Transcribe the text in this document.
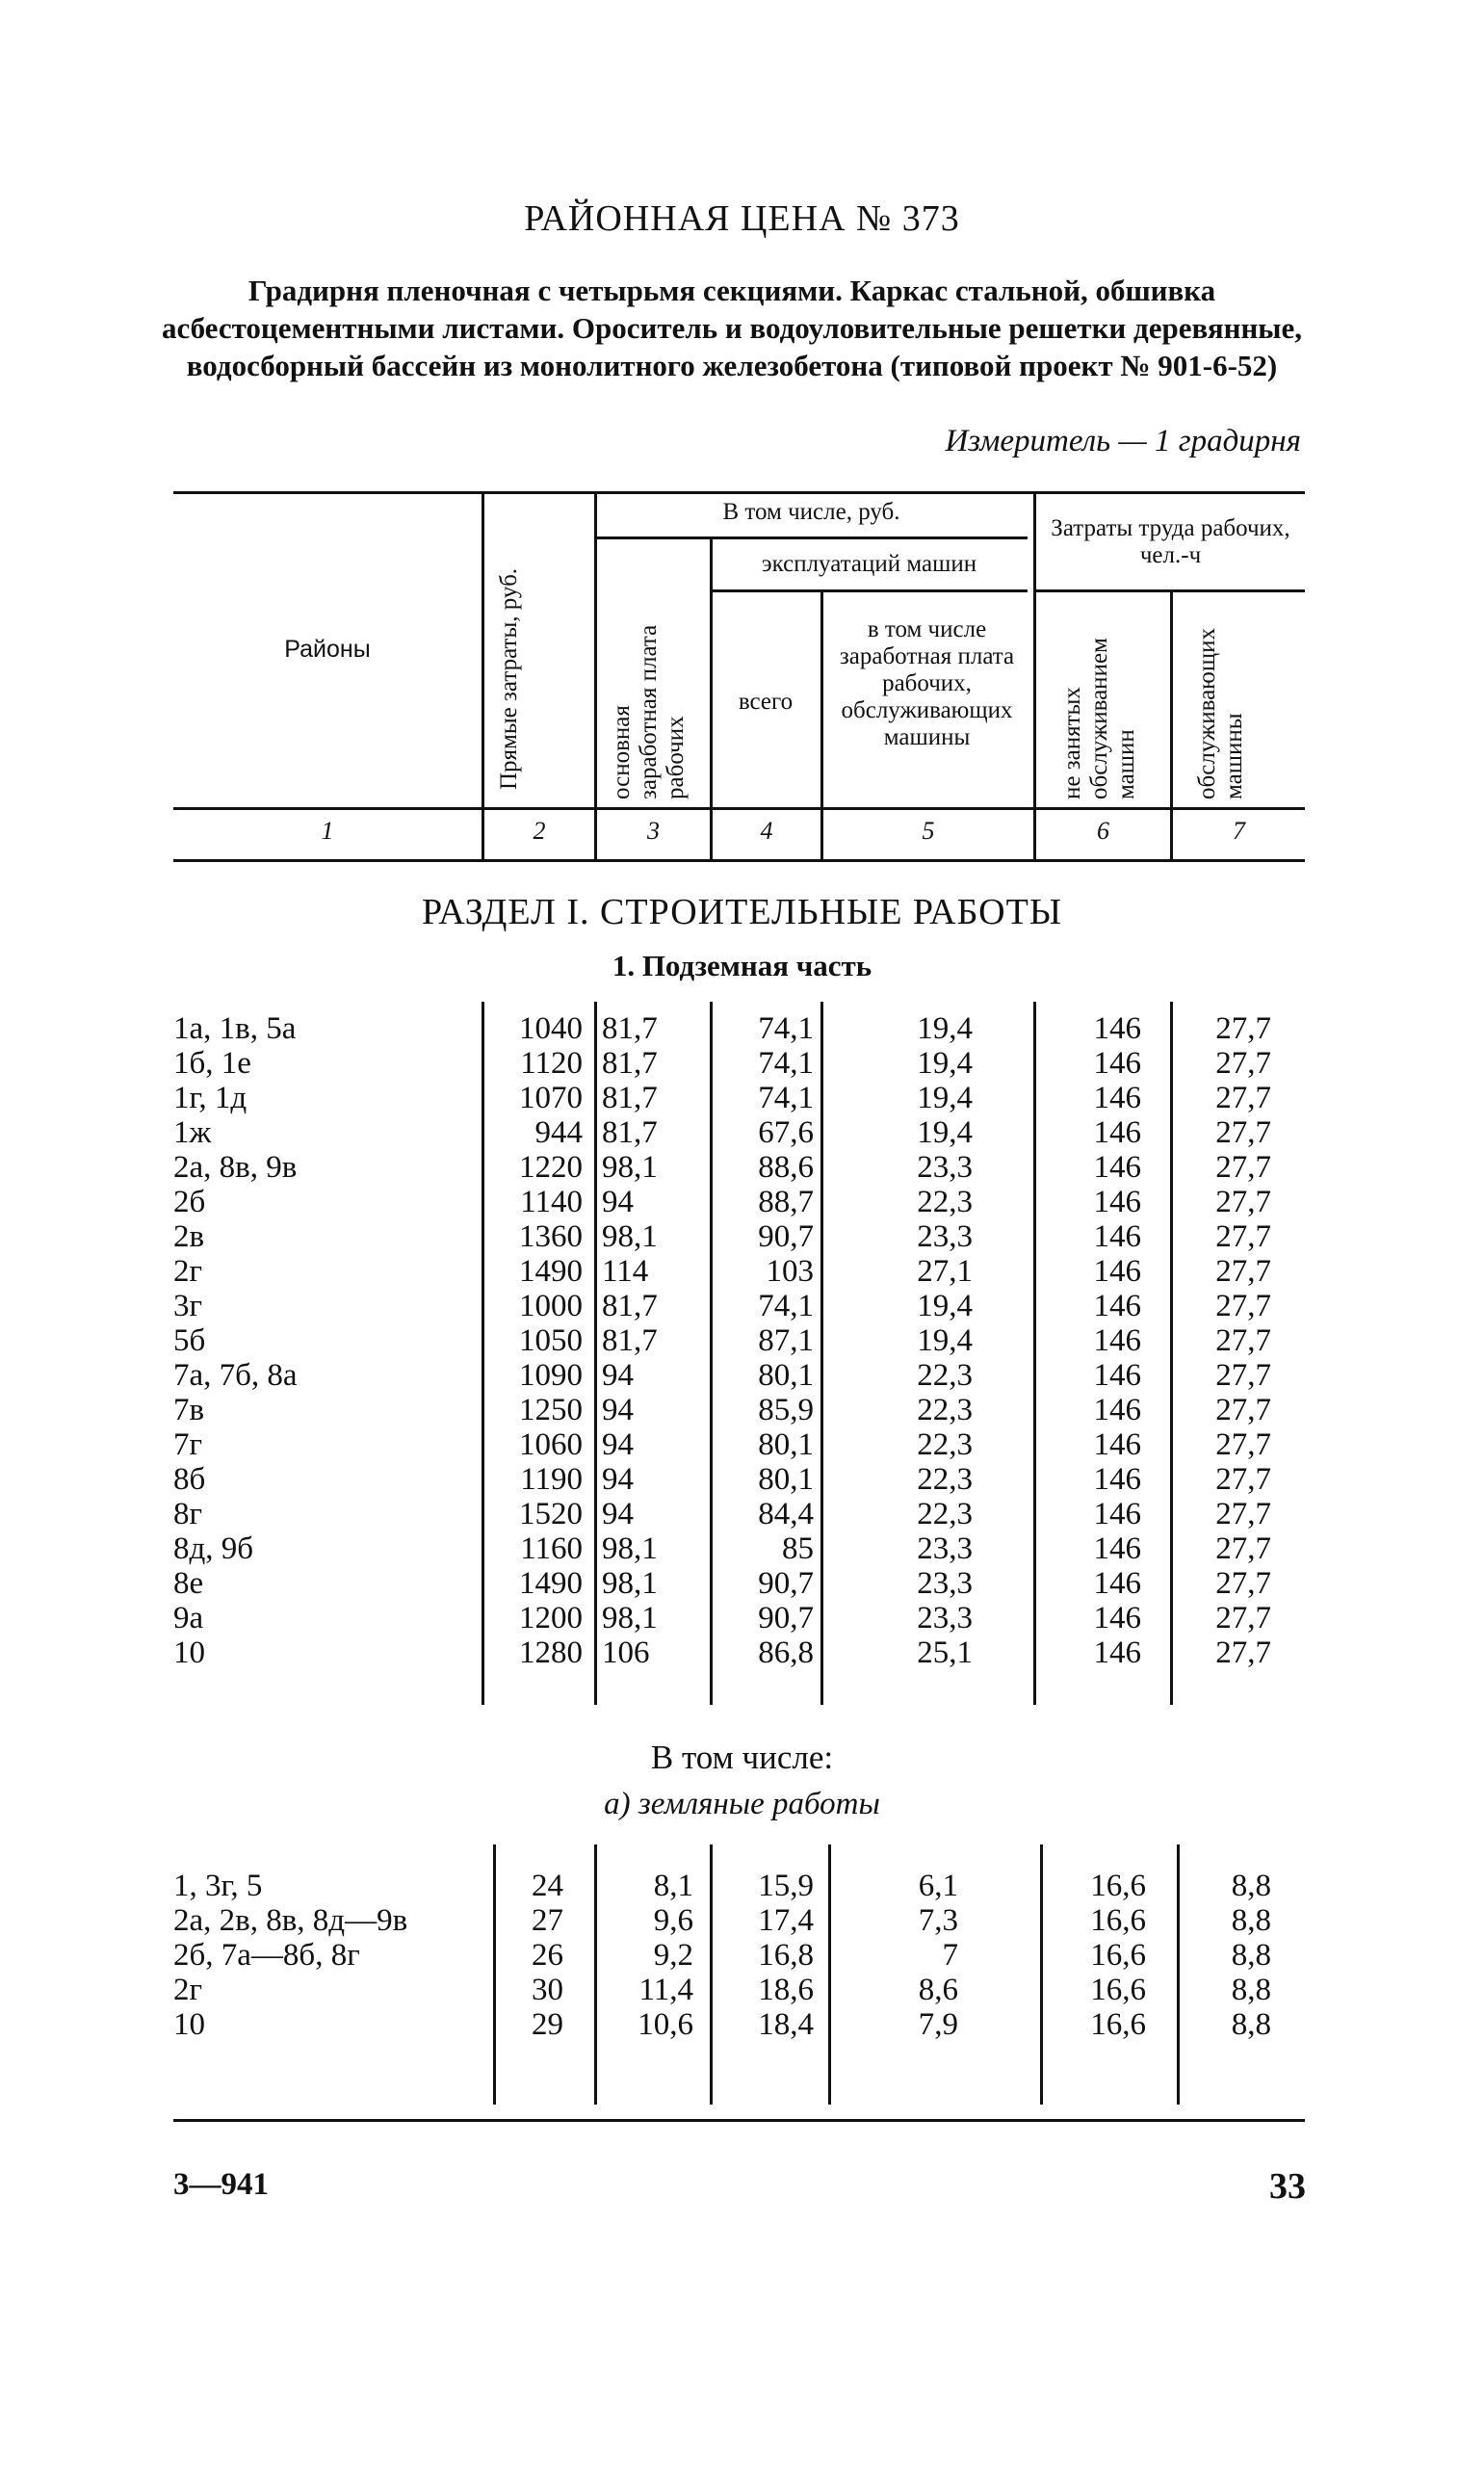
РАЙОННАЯ ЦЕНА № 373
Градирня пленочная с четырьмя секциями. Каркас стальной, обшивка асбестоцементными листами. Ороситель и водоуловительные решетки деревянные, водосборный бассейн из монолитного железобетона (типовой проект № 901-6-52)
Измеритель — 1 градирня
Районы	Прямые затраты, руб.
В том числе, руб.
основная заработная плата рабочих
эксплуатаций машин
всего
в том числе заработная плата рабочих, обслуживающих машины
Затраты труда рабочих, чел.-ч
не занятых обслуживанием машин	обслуживающих машины
1	2	3	4	5	6	7
РАЗДЕЛ I. СТРОИТЕЛЬНЫЕ РАБОТЫ
1. Подземная часть
1а, 1в, 5а	1040 81,7	74,1	19,4	146	27,7
1б, 1е	1120 81,7	74,1	19,4	146	27,7
1г, 1д	1070 81,7	74,1	19,4	146	27,7
1ж	944 81,7	67,6	19,4	146	27,7
2а, 8в, 9в	1220 98,1	88,6	23,3	146	27,7
2б	1140 94	88,7	22,3	146	27,7
2в	1360 98,1	90,7	23,3	146	27,7
2г	1490 114	103	27,1	146	27,7
3г	1000 81,7	74,1	19,4	146	27,7
5б	1050 81,7	87,1	19,4	146	27,7
7а, 7б, 8а	1090 94	80,1	22,3	146	27,7
7в	1250 94	85,9	22,3	146	27,7
7г	1060 94	80,1	22,3	146	27,7
8б	1190 94	80,1	22,3	146	27,7
8г	1520 94	84,4	22,3	146	27,7
8д, 9б	1160 98,1	85	23,3	146	27,7
8е	1490 98,1	90,7	23,3	146	27,7
9а	1200 98,1	90,7	23,3	146	27,7
10	1280 106	86,8	25,1	146	27,7
В том числе:
а) земляные работы
1, 3г, 5	24	8,1	15,9	6,1	16,6	8,8
2а, 2в, 8в, 8д—9в	27	9,6	17,4	7,3	16,6	8,8
2б, 7а—8б, 8г	26	9,2	16,8	7	16,6	8,8
2г	30	11,4	18,6	8,6	16,6	8,8
10	29	10,6	18,4	7,9	16,6	8,8
3—941	33
